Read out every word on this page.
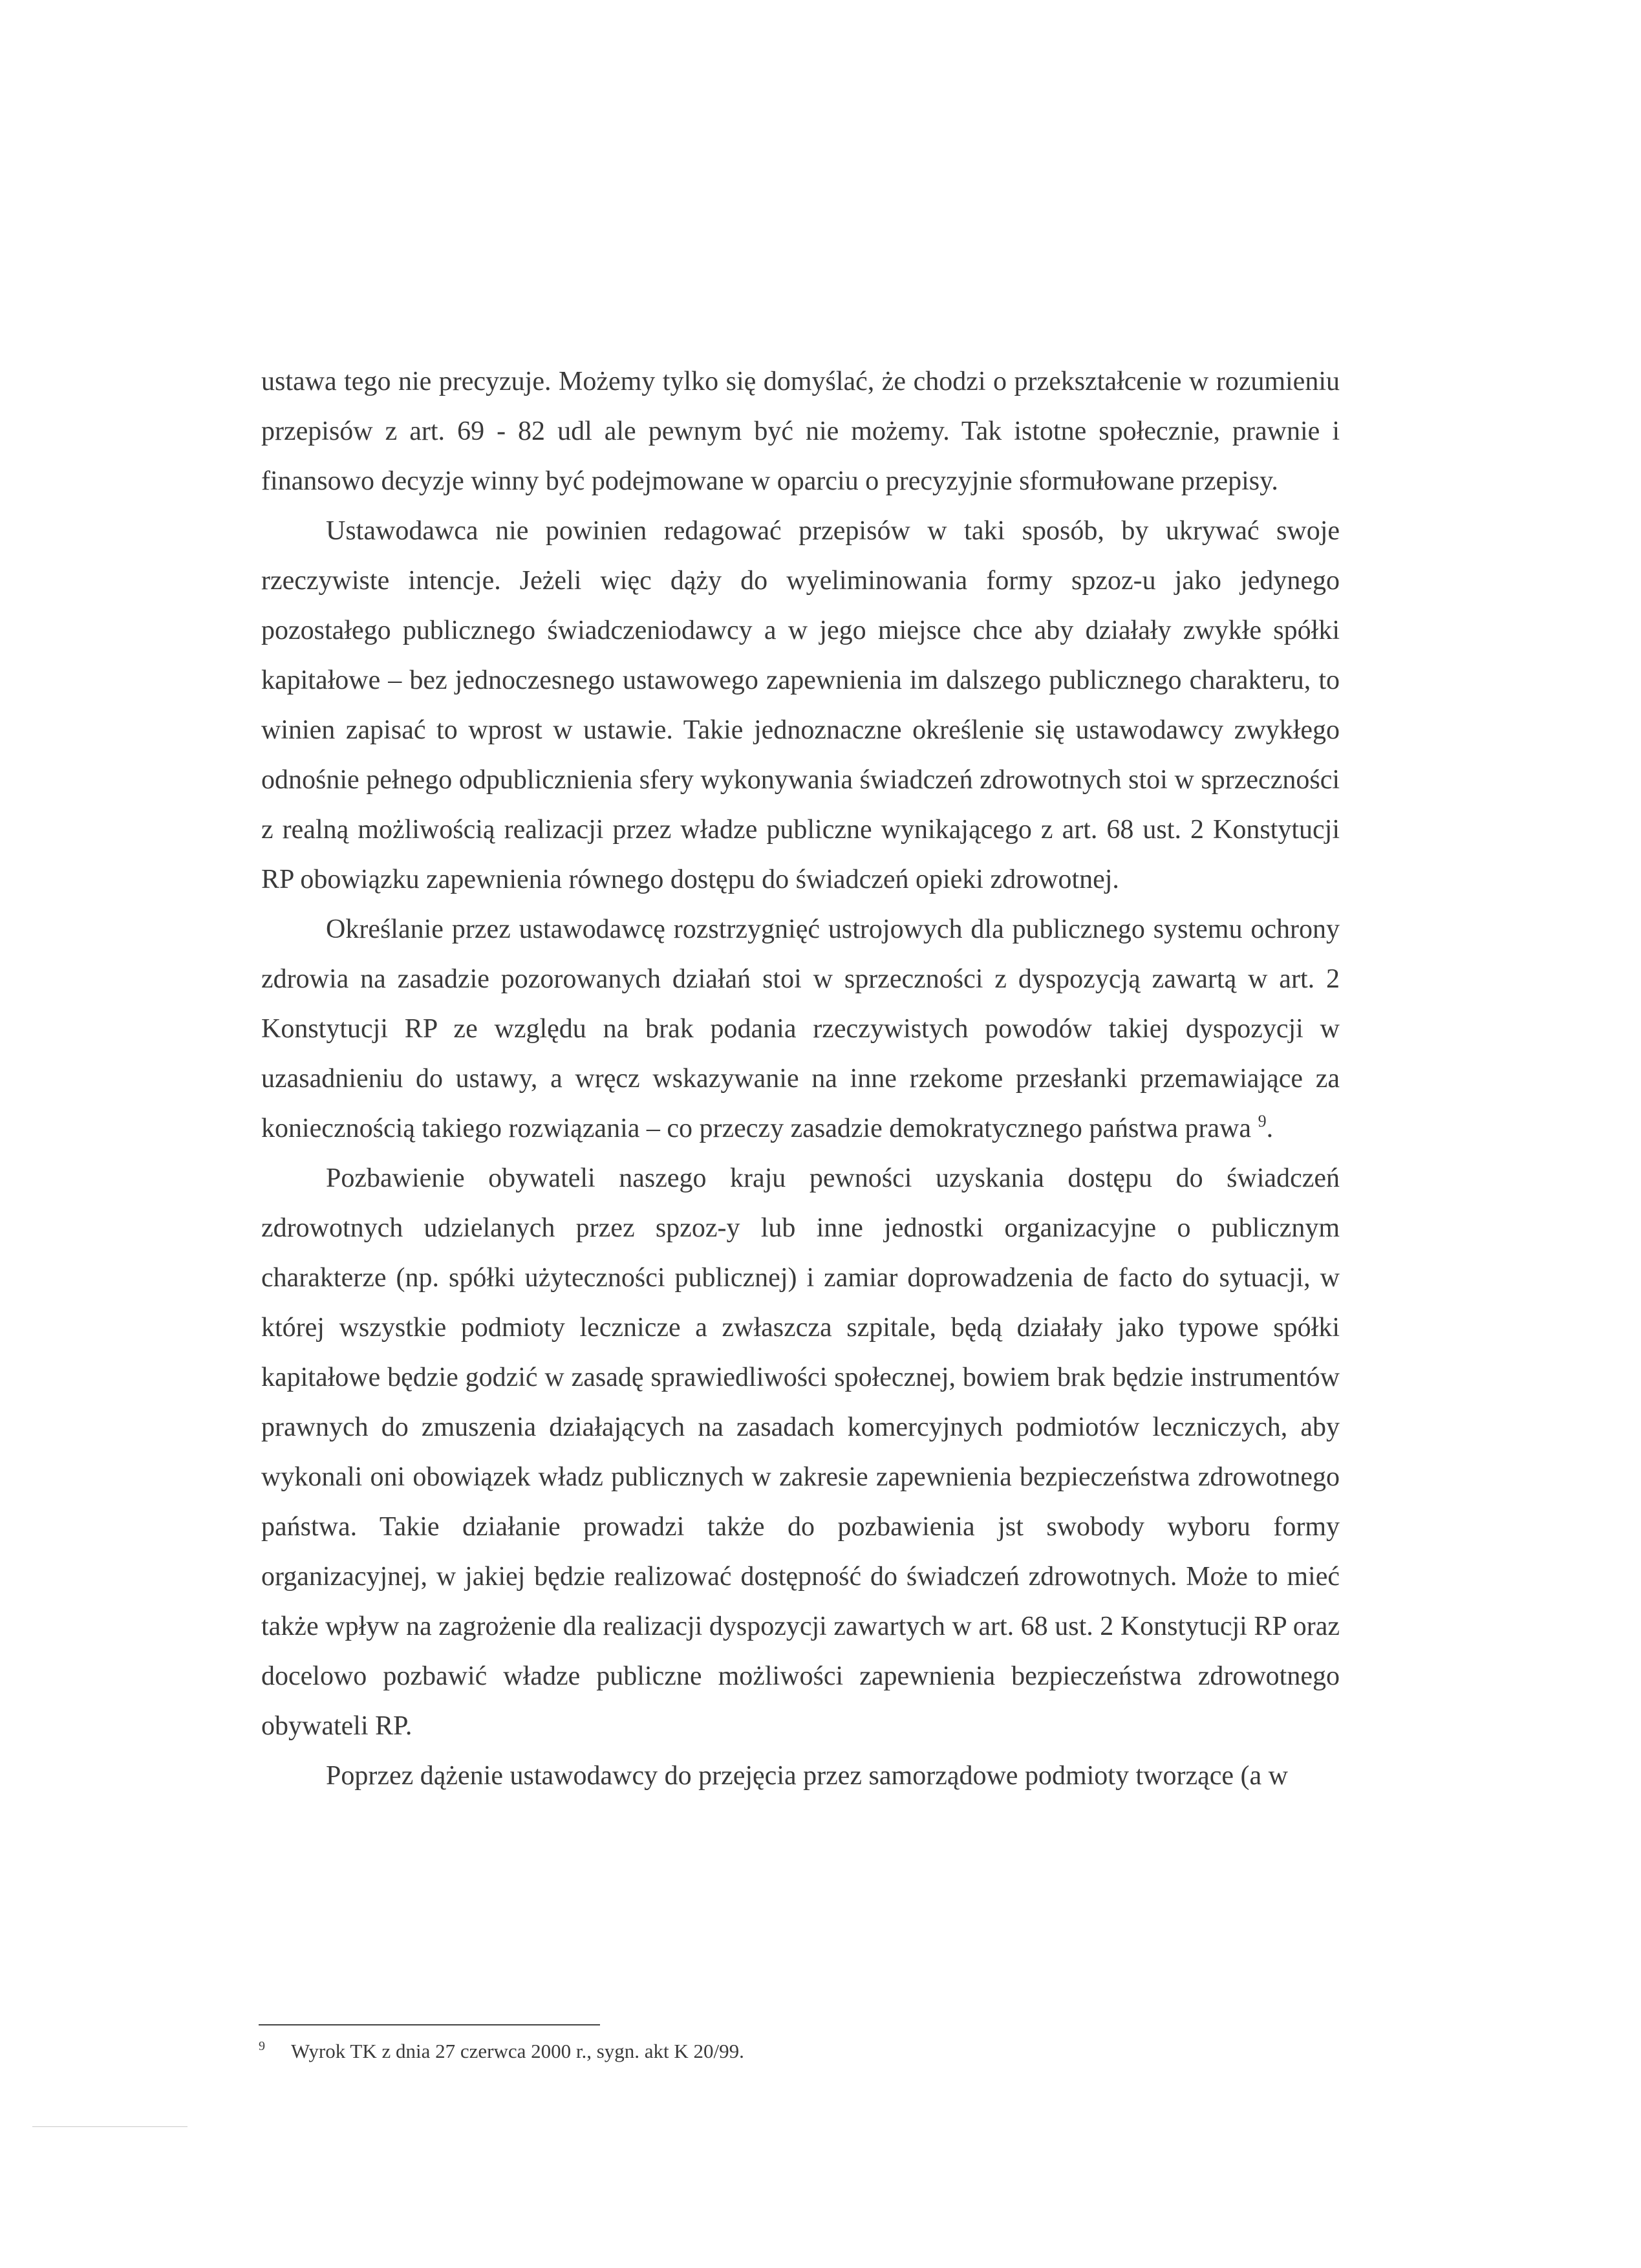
ustawa tego nie precyzuje. Możemy tylko się domyślać, że chodzi o przekształcenie w rozumieniu przepisów z art. 69 - 82 udl ale pewnym być nie możemy. Tak istotne społecznie, prawnie i finansowo decyzje winny być podejmowane w oparciu o precyzyjnie sformułowane przepisy.

Ustawodawca nie powinien redagować przepisów w taki sposób, by ukrywać swoje rzeczywiste intencje. Jeżeli więc dąży do wyeliminowania formy spzoz-u jako jedynego pozostałego publicznego świadczeniodawcy a w jego miejsce chce aby działały zwykłe spółki kapitałowe – bez jednoczesnego ustawowego zapewnienia im dalszego publicznego charakteru, to winien zapisać to wprost w ustawie. Takie jednoznaczne określenie się ustawodawcy zwykłego odnośnie pełnego odpublicznienia sfery wykonywania świadczeń zdrowotnych stoi w sprzeczności z realną możliwością realizacji przez władze publiczne wynikającego z art. 68 ust. 2 Konstytucji RP obowiązku zapewnienia równego dostępu do świadczeń opieki zdrowotnej.

Określanie przez ustawodawcę rozstrzygnięć ustrojowych dla publicznego systemu ochrony zdrowia na zasadzie pozorowanych działań stoi w sprzeczności z dyspozycją zawartą w art. 2 Konstytucji RP ze względu na brak podania rzeczywistych powodów takiej dyspozycji w uzasadnieniu do ustawy, a wręcz wskazywanie na inne rzekome przesłanki przemawiające za koniecznością takiego rozwiązania – co przeczy zasadzie demokratycznego państwa prawa $^9$.

Pozbawienie obywateli naszego kraju pewności uzyskania dostępu do świadczeń zdrowotnych udzielanych przez spzoz-y lub inne jednostki organizacyjne o publicznym charakterze (np. spółki użyteczności publicznej) i zamiar doprowadzenia de facto do sytuacji, w której wszystkie podmioty lecznicze a zwłaszcza szpitale, będą działały jako typowe spółki kapitałowe będzie godzić w zasadę sprawiedliwości społecznej, bowiem brak będzie instrumentów prawnych do zmuszenia działających na zasadach komercyjnych podmiotów leczniczych, aby wykonali oni obowiązek władz publicznych w zakresie zapewnienia bezpieczeństwa zdrowotnego państwa. Takie działanie prowadzi także do pozbawienia jst swobody wyboru formy organizacyjnej, w jakiej będzie realizować dostępność do świadczeń zdrowotnych. Może to mieć także wpływ na zagrożenie dla realizacji dyspozycji zawartych w art. 68 ust. 2 Konstytucji RP oraz docelowo pozbawić władze publiczne możliwości zapewnienia bezpieczeństwa zdrowotnego obywateli RP.

Poprzez dążenie ustawodawcy do przejęcia przez samorządowe podmioty tworzące (a w

$^9$ Wyrok TK z dnia 27 czerwca 2000 r., sygn. akt K 20/99.
